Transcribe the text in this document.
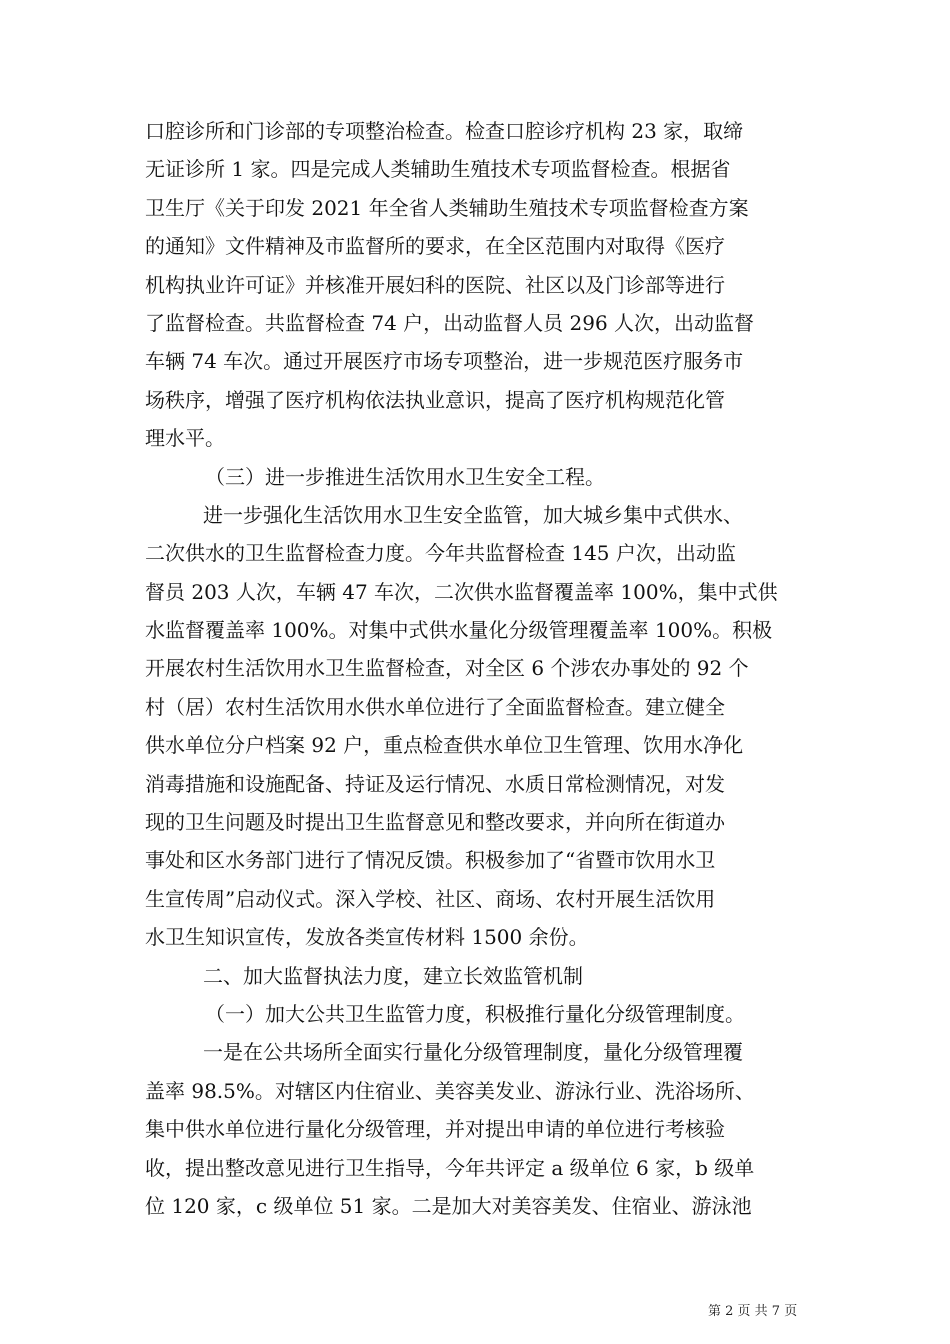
口腔诊所和门诊部的专项整治检查。检查口腔诊疗机构 23 家，取缔
无证诊所 1 家。四是完成人类辅助生殖技术专项监督检查。根据省
卫生厅《关于印发 2021 年全省人类辅助生殖技术专项监督检查方案
的通知》文件精神及市监督所的要求，在全区范围内对取得《医疗
机构执业许可证》并核准开展妇科的医院、社区以及门诊部等进行
了监督检查。共监督检查 74 户，出动监督人员 296 人次，出动监督
车辆 74 车次。通过开展医疗市场专项整治，进一步规范医疗服务市
场秩序，增强了医疗机构依法执业意识，提高了医疗机构规范化管
理水平。
（三）进一步推进生活饮用水卫生安全工程。
进一步强化生活饮用水卫生安全监管，加大城乡集中式供水、
二次供水的卫生监督检查力度。今年共监督检查 145 户次，出动监
督员 203 人次，车辆 47 车次，二次供水监督覆盖率 100%，集中式供
水监督覆盖率 100%。对集中式供水量化分级管理覆盖率 100%。积极
开展农村生活饮用水卫生监督检查，对全区 6 个涉农办事处的 92 个
村（居）农村生活饮用水供水单位进行了全面监督检查。建立健全
供水单位分户档案 92 户，重点检查供水单位卫生管理、饮用水净化
消毒措施和设施配备、持证及运行情况、水质日常检测情况，对发
现的卫生问题及时提出卫生监督意见和整改要求，并向所在街道办
事处和区水务部门进行了情况反馈。积极参加了“省暨市饮用水卫
生宣传周”启动仪式。深入学校、社区、商场、农村开展生活饮用
水卫生知识宣传，发放各类宣传材料 1500 余份。
二、加大监督执法力度，建立长效监管机制
（一）加大公共卫生监管力度，积极推行量化分级管理制度。
一是在公共场所全面实行量化分级管理制度，量化分级管理覆
盖率 98.5%。对辖区内住宿业、美容美发业、游泳行业、洗浴场所、
集中供水单位进行量化分级管理，并对提出申请的单位进行考核验
收，提出整改意见进行卫生指导，今年共评定 a 级单位 6 家，b 级单
位 120 家，c 级单位 51 家。二是加大对美容美发、住宿业、游泳池
第 2 页 共 7 页
